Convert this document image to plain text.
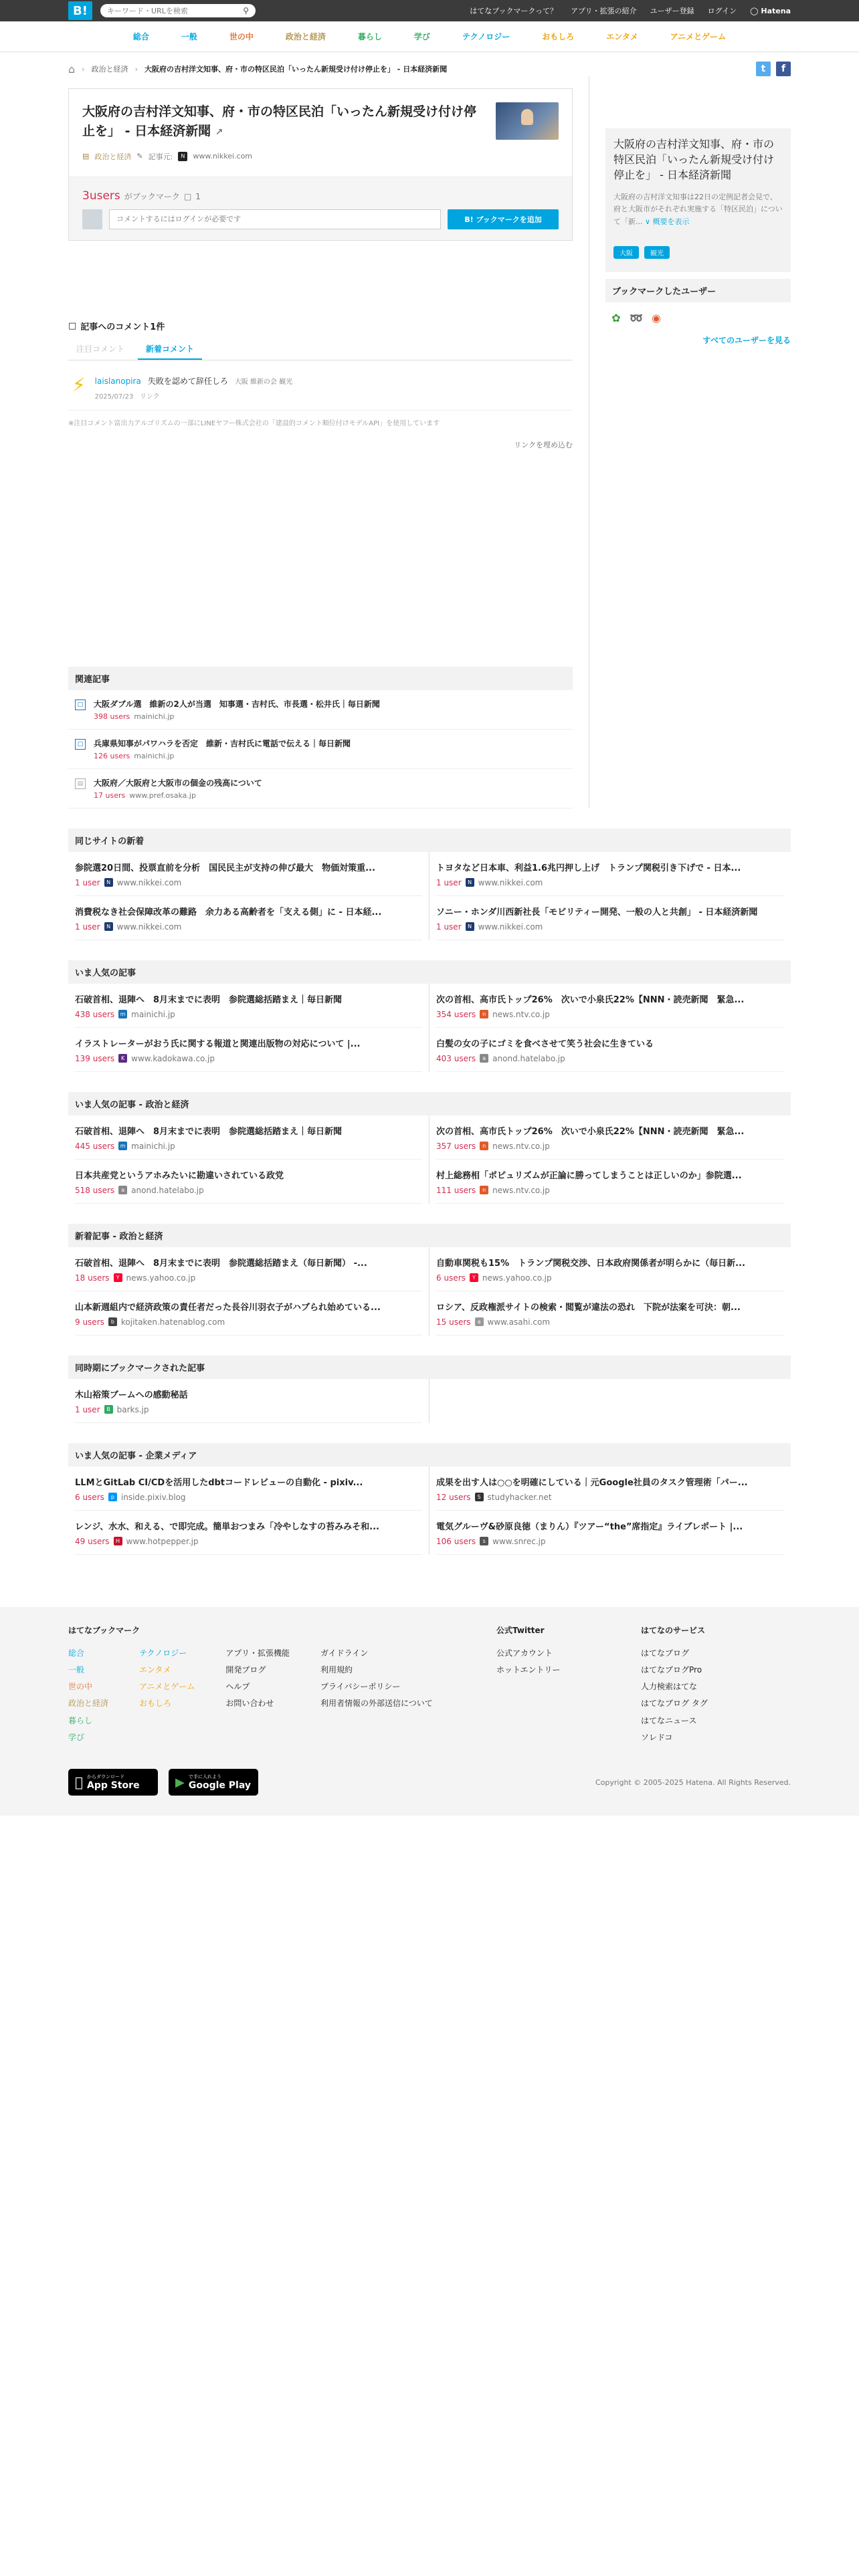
B!
キーワード・URLを検索	⚲	はてなブックマークって？ アプリ・拡張の紹介 ユーザー登録 ログイン ◯ Hatena
総合	一般	世の中	政治と経済	暮らし	学び	テクノロジー	おもしろ	エンタメ	アニメとゲーム
⌂ › 政治と経済 › 大阪府の吉村洋文知事、府・市の特区民泊「いったん新規受け付け停止を」 - 日本経済新聞	t	f
大阪府の吉村洋文知事、府・市の特区民泊「いったん新規受け付け停止を」 - 日本経済新聞 ↗
▤ 政治と経済 ✎ 記事元:	N	www.nikkei.com
3users がブックマーク □ 1
コメントするにはログインが必要です
B! ブックマークを追加
□ 記事へのコメント1件
注目コメント	新着コメント
⚡ laislanopira 失敗を認めて辞任しろ 大阪 維新の会 観光
2025/07/23 リンク
※注目コメント富出力アルゴリズムの一部にLINEヤフー株式会社の「建設的コメント順位付けモデルAPI」を使用しています
リンクを埋め込む
関連記事
□	大阪ダブル選　維新の2人が当選　知事選・吉村氏、市長選・松井氏｜毎日新聞
398 users mainichi.jp
□	兵庫県知事がパワハラを否定　維新・吉村氏に電話で伝える｜毎日新聞
126 users mainichi.jp
▤	大阪府／大阪府と大阪市の個金の残高について
17 users www.pref.osaka.jp
大阪府の吉村洋文知事、府・市の特区民泊「いったん新規受け付け停止を」 - 日本経済新聞

大阪府の吉村洋文知事は22日の定例記者会見で、府と大阪市がそれぞれ実施する「特区民泊」について「新... ∨ 概要を表示

大阪	観光
ブックマークしたユーザー
✿ ➿ ◉
すべてのユーザーを見る
同じサイトの新着
参院選20日間、投票直前を分析　国民民主が支持の伸び最大　物価対策重...
1 user	N www.nikkei.com
消費税なき社会保障改革の難路　余力ある高齢者を「支える側」に - 日本経...
1 user	N www.nikkei.com
トヨタなど日本車、利益1.6兆円押し上げ　トランプ関税引き下げで - 日本...
1 user	N www.nikkei.com
ソニー・ホンダ川西新社長「モビリティー開発、一般の人と共創」 - 日本経済新聞
1 user	N www.nikkei.com
いま人気の記事
石破首相、退陣へ　8月末までに表明　参院選総括踏まえ｜毎日新聞
438 users	m mainichi.jp
イラストレーターがおう氏に関する報道と関連出版物の対応について |...
139 users	K www.kadokawa.co.jp
次の首相、高市氏トップ26%　次いで小泉氏22%【NNN・読売新聞　緊急...
354 users	n news.ntv.co.jp
白髪の女の子にゴミを食べさせて笑う社会に生きている
403 users	a anond.hatelabo.jp
いま人気の記事 - 政治と経済
石破首相、退陣へ　8月末までに表明　参院選総括踏まえ｜毎日新聞
445 users	m mainichi.jp
日本共産党というアホみたいに勘違いされている政党
518 users	a anond.hatelabo.jp
次の首相、高市氏トップ26%　次いで小泉氏22%【NNN・読売新聞　緊急...
357 users	n news.ntv.co.jp
村上総務相「ポピュリズムが正論に勝ってしまうことは正しいのか」参院選...
111 users	n news.ntv.co.jp
新着記事 - 政治と経済
石破首相、退陣へ　8月末までに表明　参院選総括踏まえ（毎日新聞） -...
18 users	Y news.yahoo.co.jp
山本新週組内で経済政策の責任者だった長谷川羽衣子がハブられ始めている...
9 users	b kojitaken.hatenablog.com
自動車関税も15%　トランプ関税交渉、日本政府関係者が明らかに（毎日新...
6 users	Y news.yahoo.co.jp
ロシア、反政権派サイトの検索・閲覧が違法の恐れ　下院が法案を可決：朝...
15 users	a www.asahi.com
同時期にブックマークされた記事
木山裕策ブームへの感動秘話
1 user	B barks.jp
いま人気の記事 - 企業メディア
LLMとGitLab CI/CDを活用したdbtコードレビューの自動化 - pixiv...
6 users	p inside.pixiv.blog
レンジ、水水、和える、で即完成。簡単おつまみ「冷やしなすの苔みみそ和...
49 users	H www.hotpepper.jp
成果を出す人は○○を明確にしている｜元Google社員のタスク管理術「パー...
12 users	S studyhacker.net
電気グルーヴ&砂原良徳（まりん）『ツアー“the”席指定』ライブレポート |...
106 users	s www.snrec.jp
はてなブックマーク
総合
一般
世の中
政治と経済
暮らし
学び
テクノロジー
エンタメ
アニメとゲーム
おもしろ
アプリ・拡張機能
開発ブログ
ヘルプ
お問い合わせ
ガイドライン
利用規約
プライバシーポリシー
利用者情報の外部送信について
公式Twitter
公式アカウント
ホットエントリー
はてなのサービス
はてなブログ
はてなブログPro
人力検索はてな
はてなブログ タグ
はてなニュース
ソレドコ
からダウンロード
App Store	▶ で手に入れよう
Google Play	Copyright © 2005-2025 Hatena. All Rights Reserved.
